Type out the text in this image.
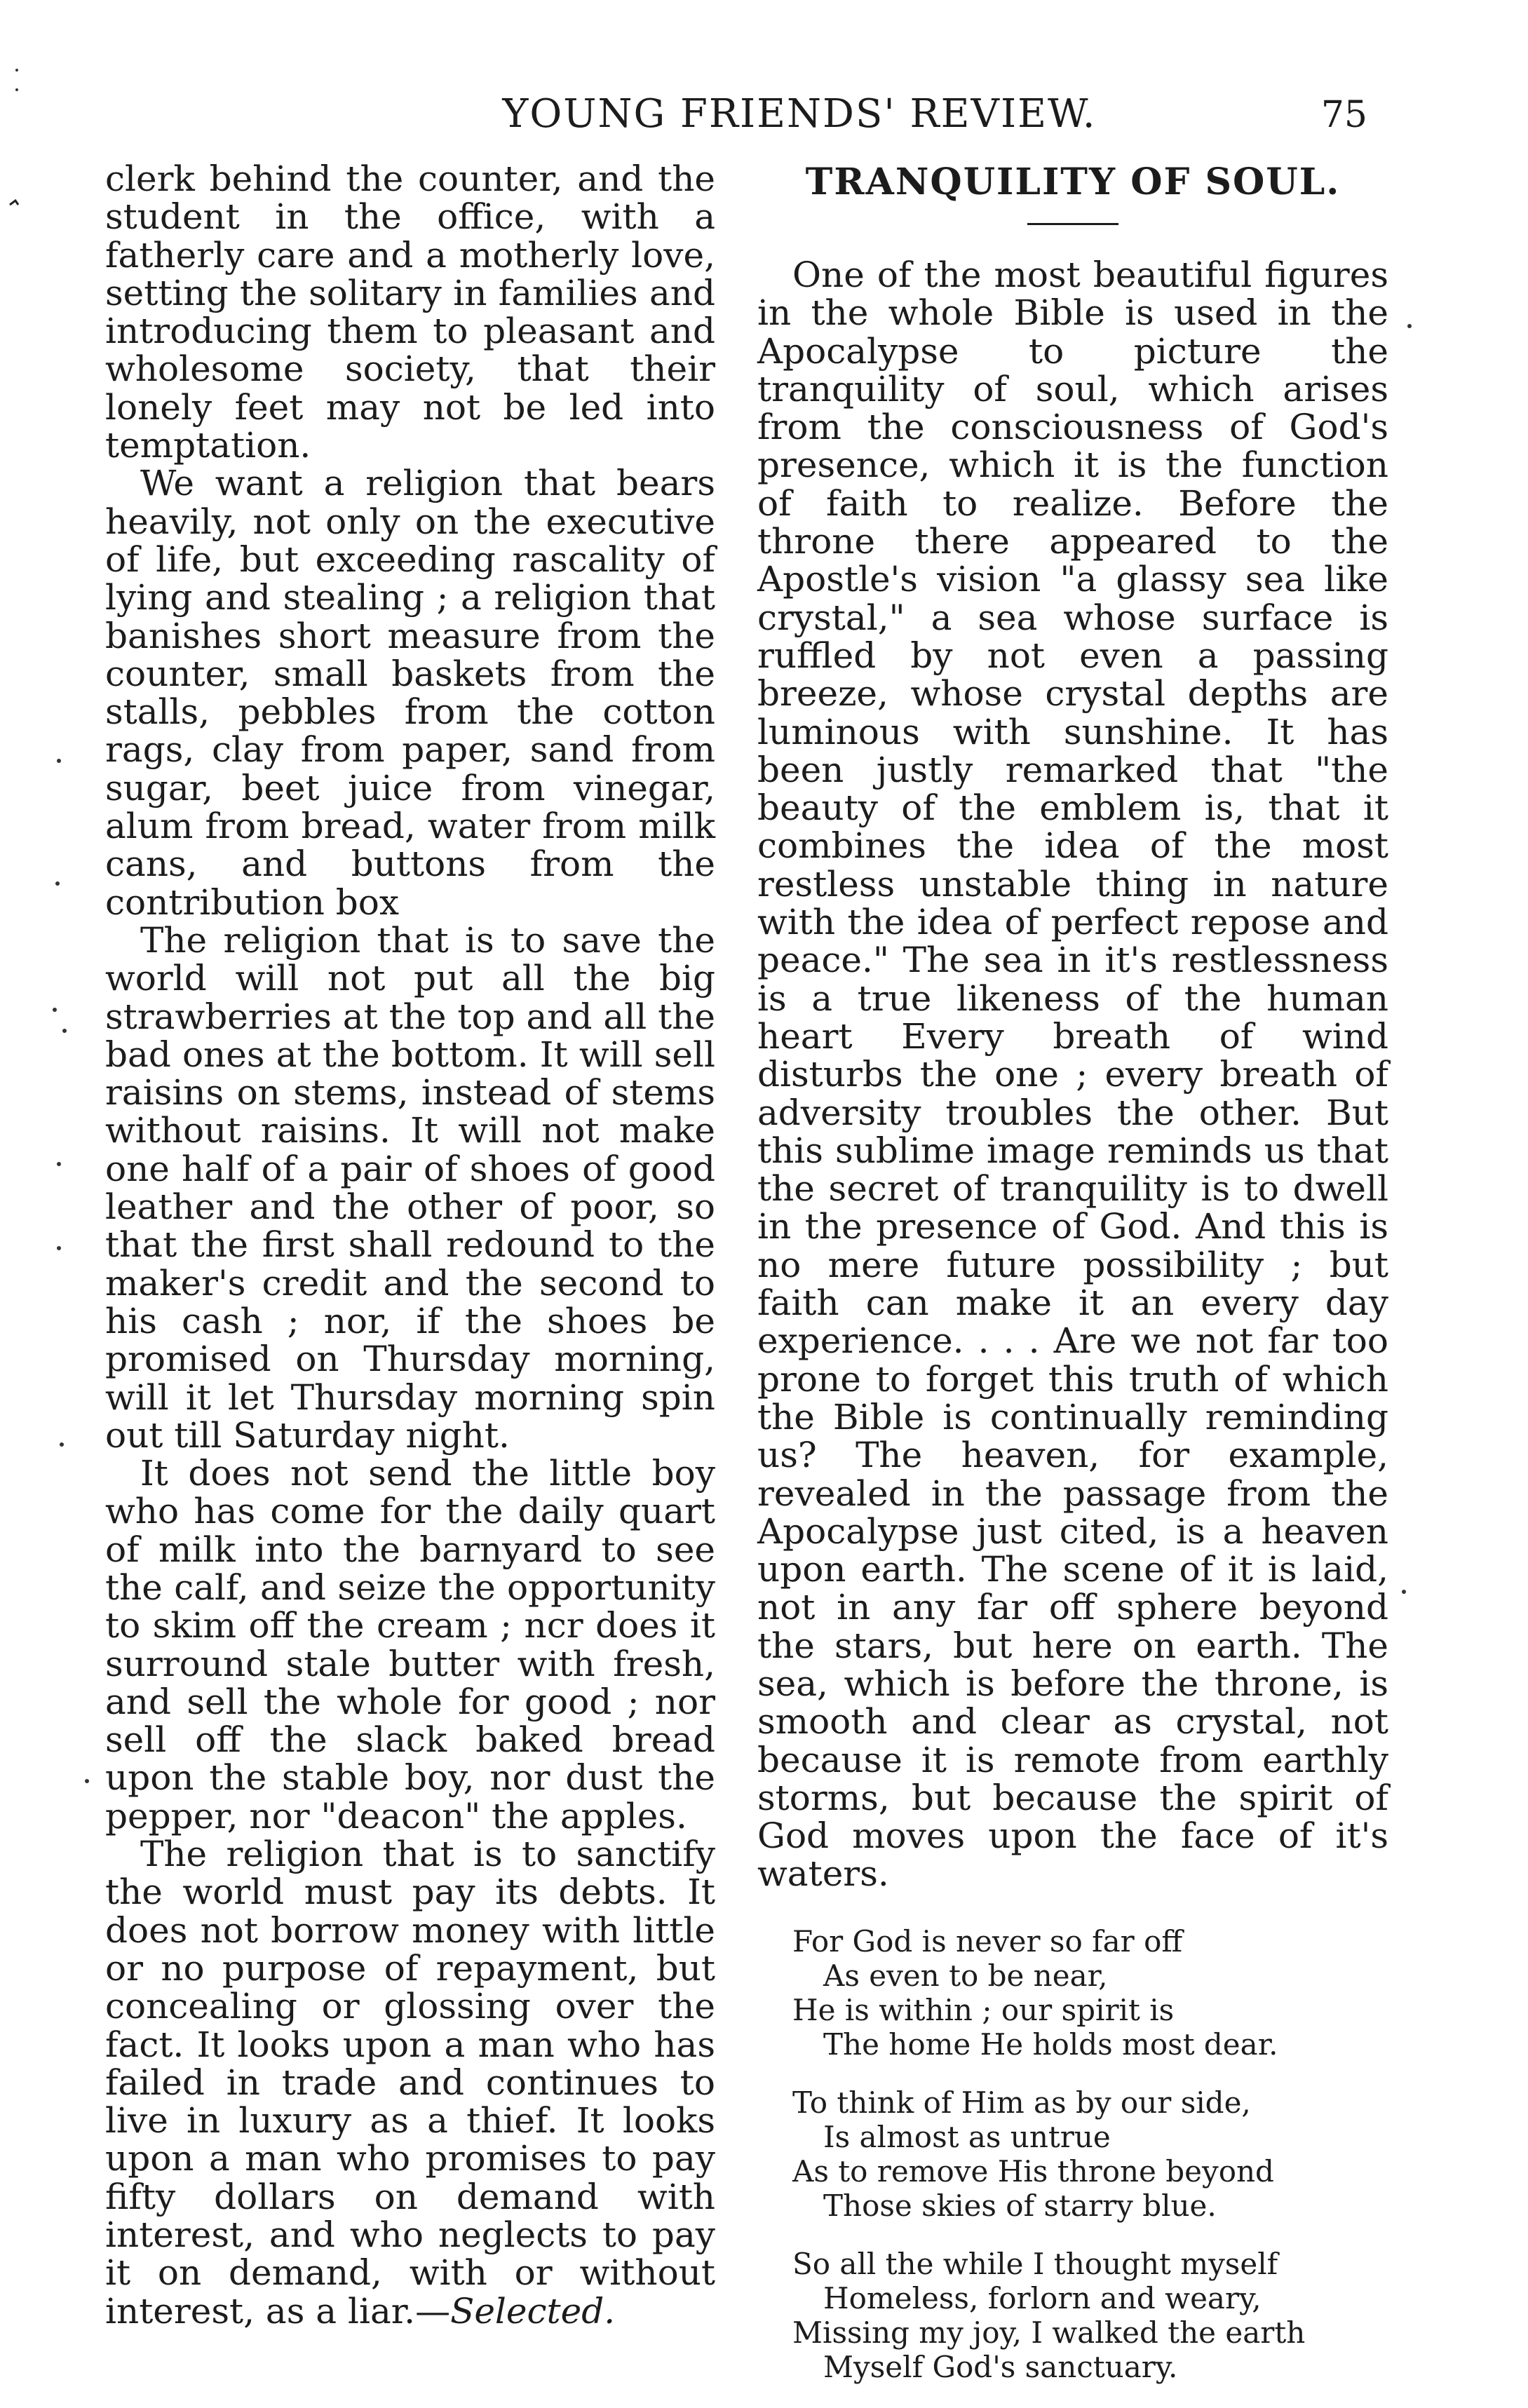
YOUNG FRIENDS' REVIEW.	75

clerk behind the counter, and the student in the office, with a fatherly care and a motherly love, setting the solitary in families and introducing them to pleasant and wholesome society, that their lonely feet may not be led into temptation.

We want a religion that bears heavily, not only on the executive of life, but exceeding rascality of lying and stealing ; a religion that banishes short measure from the counter, small baskets from the stalls, pebbles from the cotton rags, clay from paper, sand from sugar, beet juice from vinegar, alum from bread, water from milk cans, and buttons from the contribution box

The religion that is to save the world will not put all the big strawberries at the top and all the bad ones at the bottom. It will sell raisins on stems, instead of stems without raisins. It will not make one half of a pair of shoes of good leather and the other of poor, so that the first shall redound to the maker's credit and the second to his cash ; nor, if the shoes be promised on Thursday morning, will it let Thursday morning spin out till Saturday night.

It does not send the little boy who has come for the daily quart of milk into the barnyard to see the calf, and seize the opportunity to skim off the cream ; ncr does it surround stale butter with fresh, and sell the whole for good ; nor sell off the slack baked bread upon the stable boy, nor dust the pepper, nor "deacon" the apples.

The religion that is to sanctify the world must pay its debts. It does not borrow money with little or no purpose of repayment, but concealing or glossing over the fact. It looks upon a man who has failed in trade and continues to live in luxury as a thief. It looks upon a man who promises to pay fifty dollars on demand with interest, and who neglects to pay it on demand, with or without interest, as a liar.—Selected.

TRANQUILITY OF SOUL.

One of the most beautiful figures in the whole Bible is used in the Apocalypse to picture the tranquility of soul, which arises from the consciousness of God's presence, which it is the function of faith to realize. Before the throne there appeared to the Apostle's vision "a glassy sea like crystal," a sea whose surface is ruffled by not even a passing breeze, whose crystal depths are luminous with sunshine. It has been justly remarked that "the beauty of the emblem is, that it combines the idea of the most restless unstable thing in nature with the idea of perfect repose and peace." The sea in it's restlessness is a true likeness of the human heart Every breath of wind disturbs the one ; every breath of adversity troubles the other. But this sublime image reminds us that the secret of tranquility is to dwell in the presence of God. And this is no mere future possibility ; but faith can make it an every day experience. . . . Are we not far too prone to forget this truth of which the Bible is continually reminding us? The heaven, for example, revealed in the passage from the Apocalypse just cited, is a heaven upon earth. The scene of it is laid, not in any far off sphere beyond the stars, but here on earth. The sea, which is before the throne, is smooth and clear as crystal, not because it is remote from earthly storms, but because the spirit of God moves upon the face of it's waters.

For God is never so far off
As even to be near,
He is within ; our spirit is
The home He holds most dear.
To think of Him as by our side,
Is almost as untrue
As to remove His throne beyond
Those skies of starry blue.
So all the while I thought myself
Homeless, forlorn and weary,
Missing my joy, I walked the earth
Myself God's sanctuary.
